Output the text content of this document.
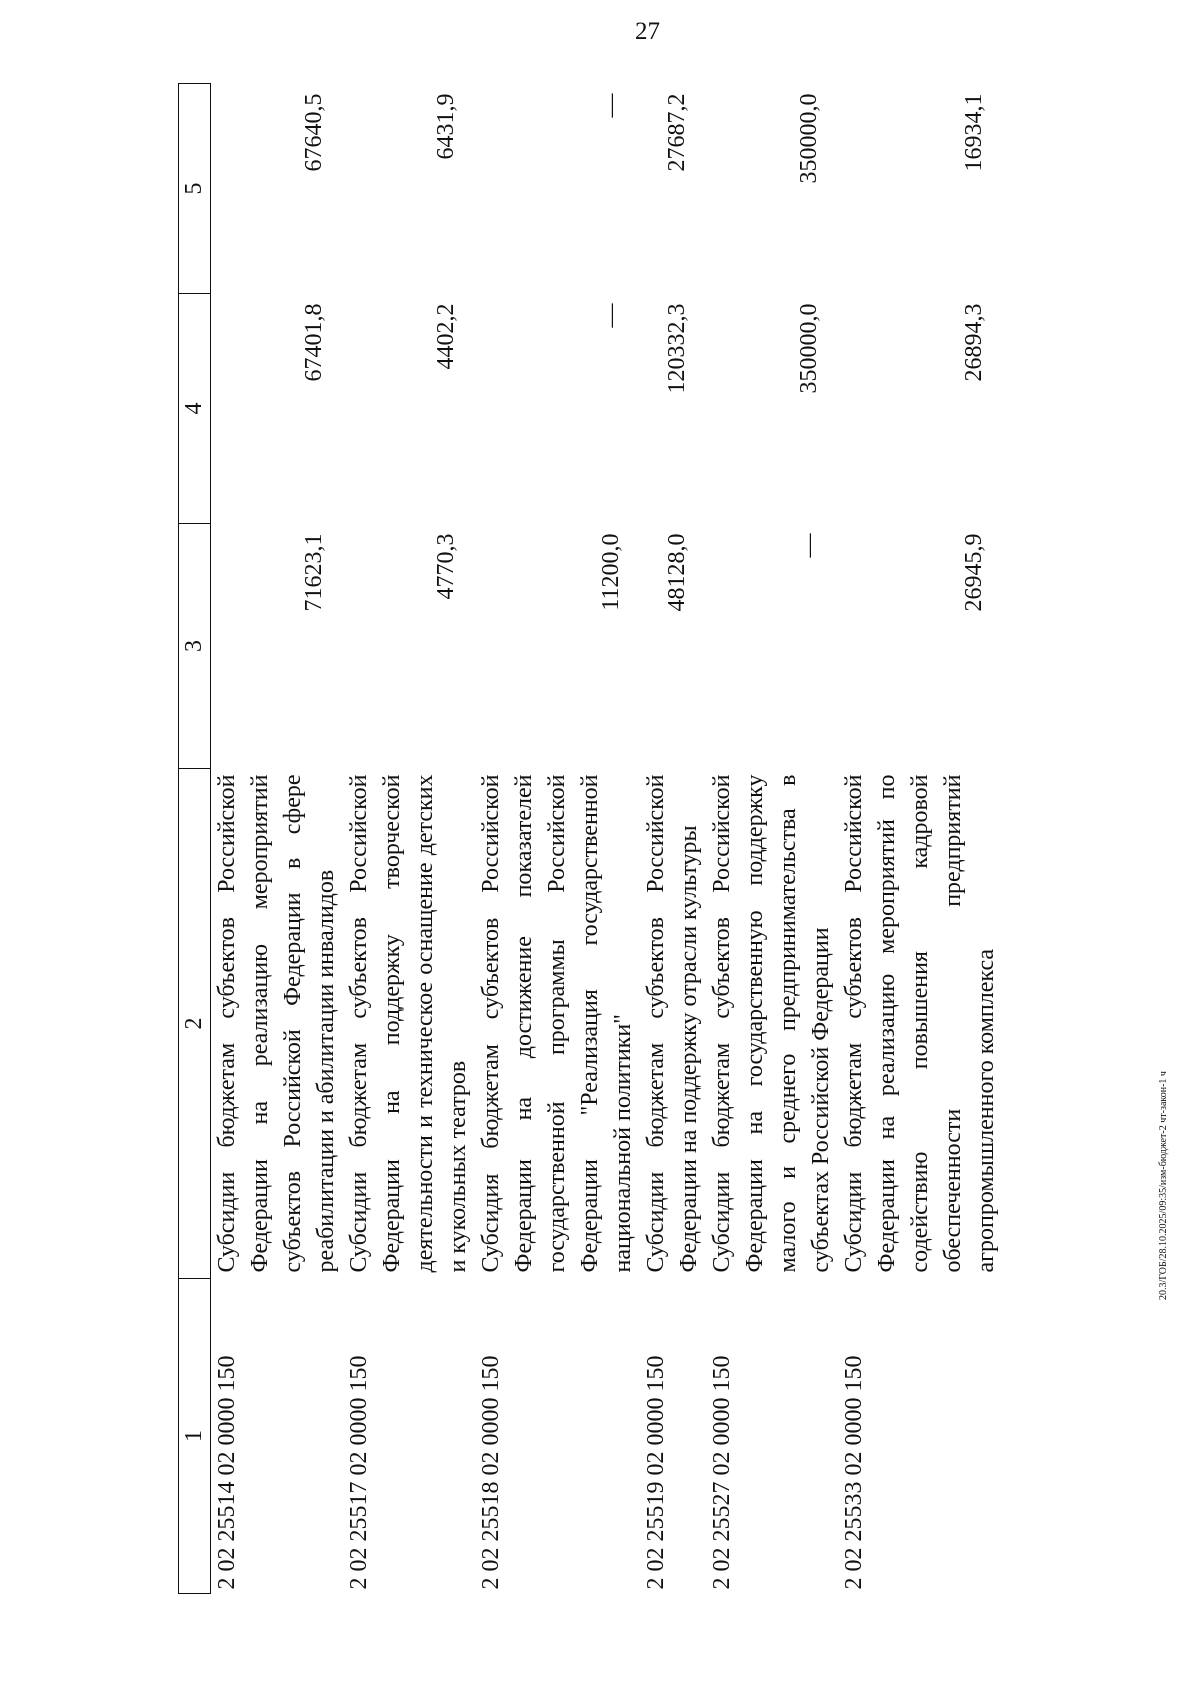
27
20.3/ГОБ/28.10.2025/09:35/изм-бюджет-2 чт-закон-1 ч
1	2	3	4	5
2 02 25514 02 0000 150	Субсидии бюджетам субъектов Российской Федерации на реализацию мероприятий субъектов Российской Федерации в сфере реабилитации и абилитации инвалидов	71623,1	67401,8	67640,5
2 02 25517 02 0000 150	Субсидии бюджетам субъектов Российской Федерации на поддержку творческой деятельности и техническое оснащение детских и кукольных театров	4770,3	4402,2	6431,9
2 02 25518 02 0000 150	Субсидия бюджетам субъектов Российской Федерации на достижение показателей государственной программы Российской Федерации "Реализация государственной национальной политики"	11200,0	—	—
2 02 25519 02 0000 150	Субсидии бюджетам субъектов Российской Федерации на поддержку отрасли культуры	48128,0	120332,3	27687,2
2 02 25527 02 0000 150	Субсидии бюджетам субъектов Российской Федерации на государственную поддержку малого и среднего предпринимательства в субъектах Российской Федерации	—	350000,0	350000,0
2 02 25533 02 0000 150	Субсидии бюджетам субъектов Российской Федерации на реализацию мероприятий по содействию повышения кадровой обеспеченности предприятий агропромышленного комплекса	26945,9	26894,3	16934,1
